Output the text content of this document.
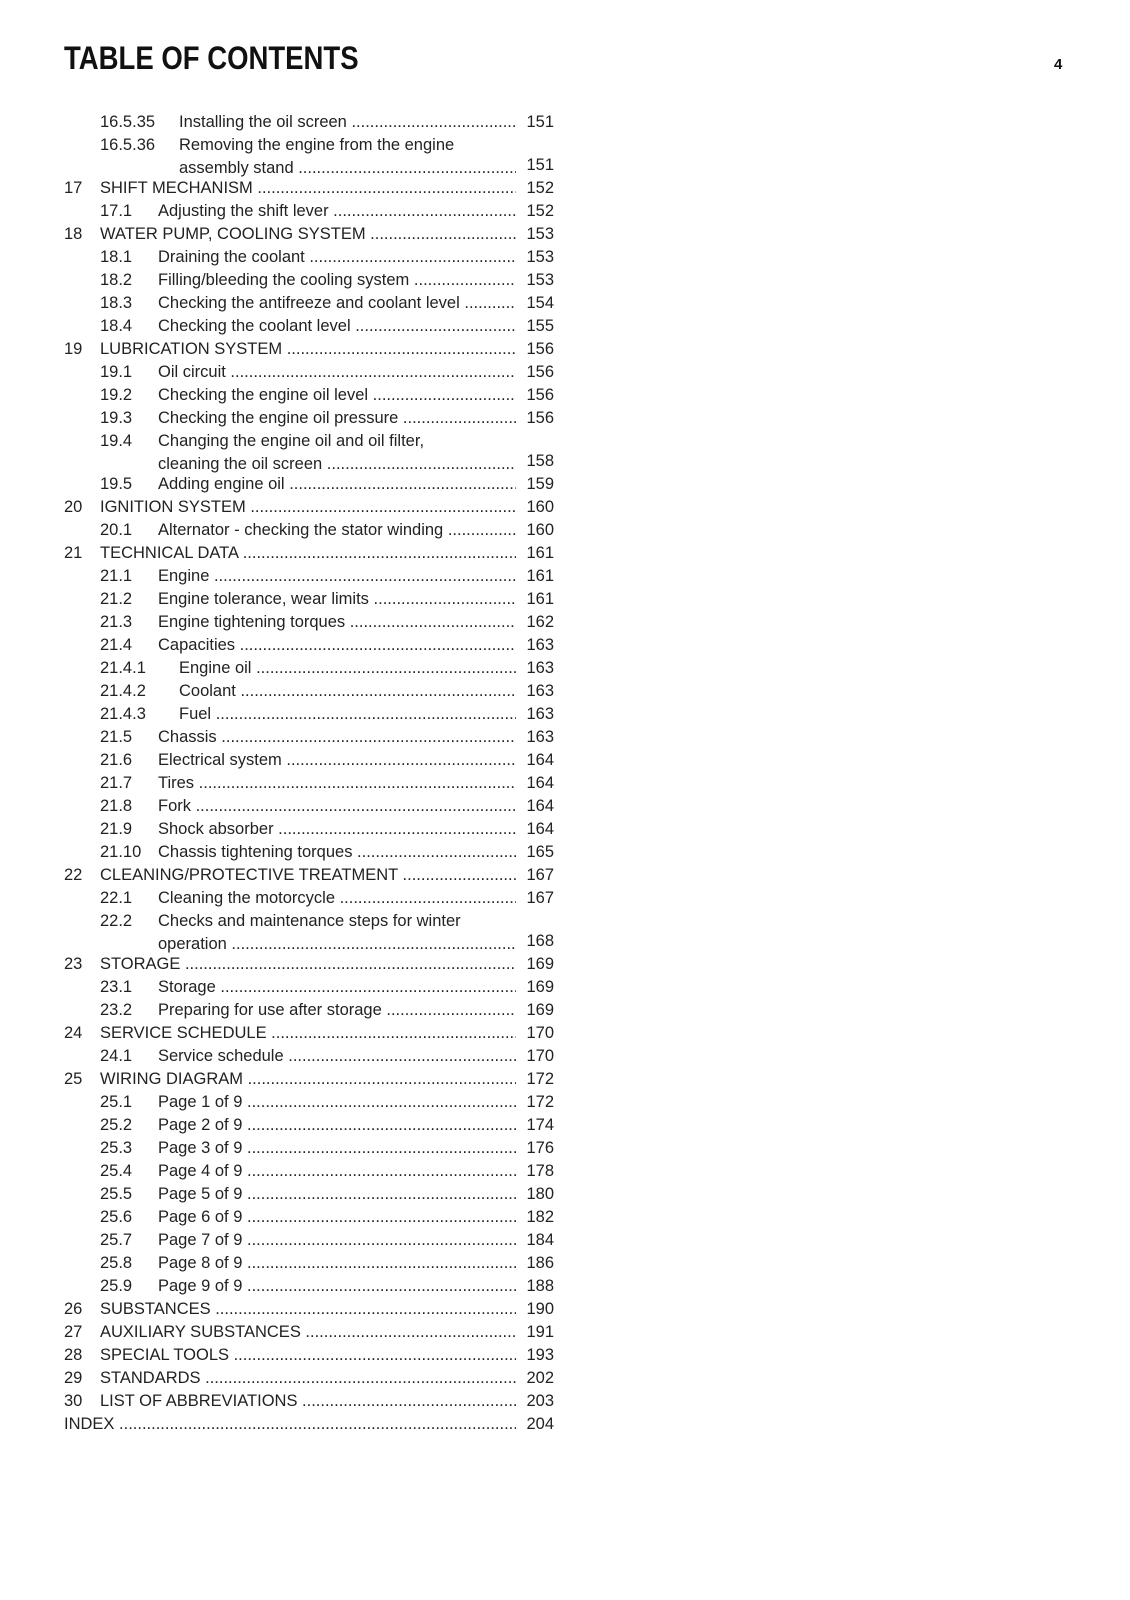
TABLE OF CONTENTS	4
16.5.35 Installing the oil screen .....	151
16.5.36 Removing the engine from the engine
assembly stand .....	151
17 SHIFT MECHANISM .....	152
17.1 Adjusting the shift lever .....	152
18 WATER PUMP, COOLING SYSTEM .....	153
18.1 Draining the coolant .....	153
18.2 Filling/bleeding the cooling system .....	153
18.3 Checking the antifreeze and coolant level .....	154
18.4 Checking the coolant level .....	155
19 LUBRICATION SYSTEM .....	156
19.1 Oil circuit .....	156
19.2 Checking the engine oil level .....	156
19.3 Checking the engine oil pressure .....	156
19.4 Changing the engine oil and oil filter,
cleaning the oil screen .....	158
19.5 Adding engine oil .....	159
20 IGNITION SYSTEM .....	160
20.1 Alternator - checking the stator winding .....	160
21 TECHNICAL DATA .....	161
21.1 Engine .....	161
21.2 Engine tolerance, wear limits .....	161
21.3 Engine tightening torques .....	162
21.4 Capacities .....	163
21.4.1 Engine oil .....	163
21.4.2 Coolant .....	163
21.4.3 Fuel .....	163
21.5 Chassis .....	163
21.6 Electrical system .....	164
21.7 Tires .....	164
21.8 Fork .....	164
21.9 Shock absorber .....	164
21.10 Chassis tightening torques .....	165
22 CLEANING/PROTECTIVE TREATMENT .....	167
22.1 Cleaning the motorcycle .....	167
22.2 Checks and maintenance steps for winter
operation .....	168
23 STORAGE .....	169
23.1 Storage .....	169
23.2 Preparing for use after storage .....	169
24 SERVICE SCHEDULE .....	170
24.1 Service schedule .....	170
25 WIRING DIAGRAM .....	172
25.1 Page 1 of 9 .....	172
25.2 Page 2 of 9 .....	174
25.3 Page 3 of 9 .....	176
25.4 Page 4 of 9 .....	178
25.5 Page 5 of 9 .....	180
25.6 Page 6 of 9 .....	182
25.7 Page 7 of 9 .....	184
25.8 Page 8 of 9 .....	186
25.9 Page 9 of 9 .....	188
26 SUBSTANCES .....	190
27 AUXILIARY SUBSTANCES .....	191
28 SPECIAL TOOLS .....	193
29 STANDARDS .....	202
30 LIST OF ABBREVIATIONS .....	203
INDEX .....	204
